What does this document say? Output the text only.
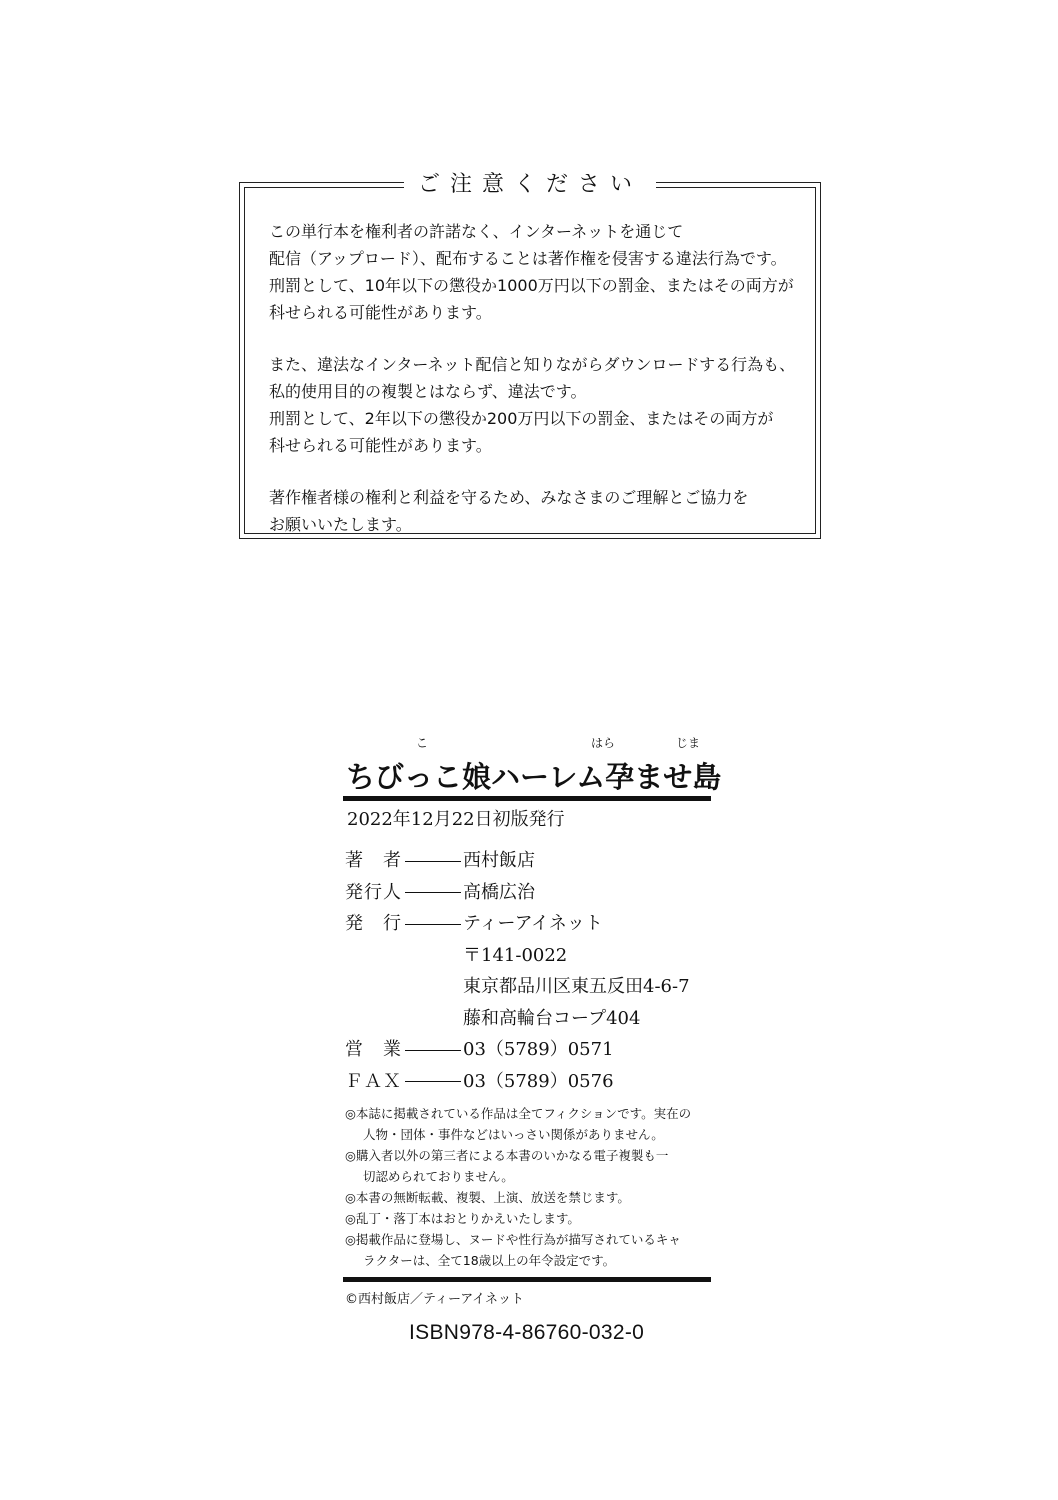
ご注意ください

この単行本を権利者の許諾なく、インターネットを通じて
配信（アップロード）、配布することは著作権を侵害する違法行為です。
刑罰として、10年以下の懲役か1000万円以下の罰金、またはその両方が
科せられる可能性があります。

また、違法なインターネット配信と知りながらダウンロードする行為も、
私的使用目的の複製とはならず、違法です。
刑罰として、2年以下の懲役か200万円以下の罰金、またはその両方が
科せられる可能性があります。

著作権者様の権利と利益を守るため、みなさまのご理解とご協力を
お願いいたします。

こ	はら	じま
ちびっこ娘ハーレム孕ませ島
2022年12月22日初版発行
著者	西村飯店
発行人	高橋広治
発行	ティーアイネット
〒141-0022
東京都品川区東五反田4-6-7
藤和高輪台コープ404
営業	03（5789）0571
ＦＡＸ	03（5789）0576
◎本誌に掲載されている作品は全てフィクションです。実在の
人物・団体・事件などはいっさい関係がありません。
◎購入者以外の第三者による本書のいかなる電子複製も一
切認められておりません。
◎本書の無断転載、複製、上演、放送を禁じます。
◎乱丁・落丁本はおとりかえいたします。
◎掲載作品に登場し、ヌードや性行為が描写されているキャ
ラクターは、全て18歳以上の年令設定です。
©西村飯店／ティーアイネット
ISBN978-4-86760-032-0
